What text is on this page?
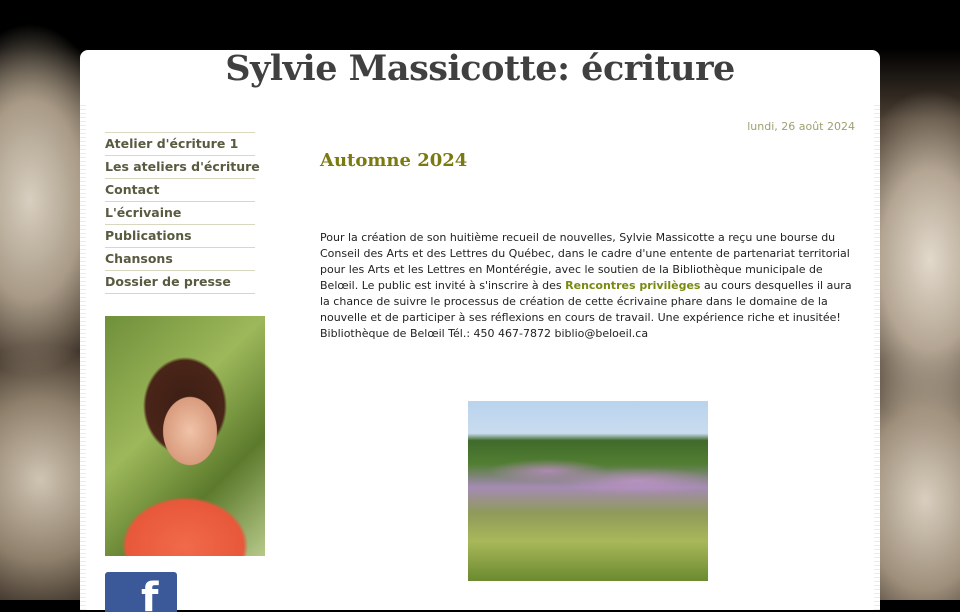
Sylvie Massicotte: écriture
lundi, 26 août 2024
Atelier d'écriture 1
Les ateliers d'écriture
Contact
L'écrivaine
Publications
Chansons
Dossier de presse
f
Automne 2024
Pour la création de son huitième recueil de nouvelles, Sylvie Massicotte a reçu une bourse du Conseil des Arts et des Lettres du Québec, dans le cadre d'une entente de partenariat territorial pour les Arts et les Lettres en Montérégie, avec le soutien de la Bibliothèque municipale de Belœil. Le public est invité à s'inscrire à des Rencontres privilèges au cours desquelles il aura la chance de suivre le processus de création de cette écrivaine phare dans le domaine de la nouvelle et de participer à ses réflexions en cours de travail. Une expérience riche et inusitée! Bibliothèque de Belœil Tél.: 450 467-7872 biblio@beloeil.ca
